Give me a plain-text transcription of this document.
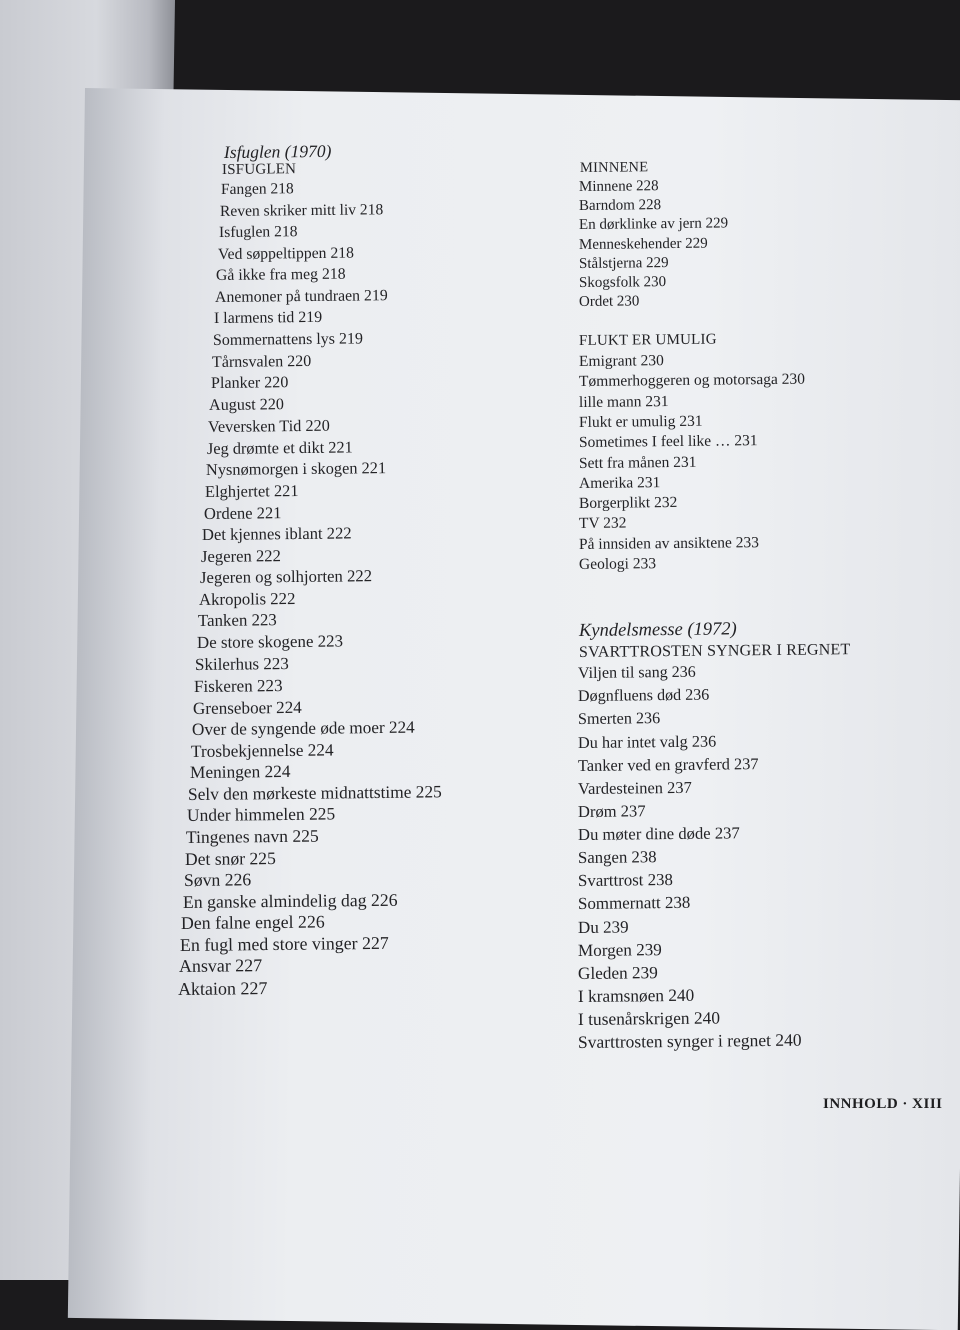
Isfuglen (1970)
ISFUGLEN
Fangen 218
Reven skriker mitt liv 218
Isfuglen 218
Ved søppeltippen 218
Gå ikke fra meg 218
Anemoner på tundraen 219
I larmens tid 219
Sommernattens lys 219
Tårnsvalen 220
Planker 220
August 220
Veversken Tid 220
Jeg drømte et dikt 221
Nysnømorgen i skogen 221
Elghjertet 221
Ordene 221
Det kjennes iblant 222
Jegeren 222
Jegeren og solhjorten 222
Akropolis 222
Tanken 223
De store skogene 223
Skilerhus 223
Fiskeren 223
Grenseboer 224
Over de syngende øde moer 224
Trosbekjennelse 224
Meningen 224
Selv den mørkeste midnattstime 225
Under himmelen 225
Tingenes navn 225
Det snør 225
Søvn 226
En ganske almindelig dag 226
Den falne engel 226
En fugl med store vinger 227
Ansvar 227
Aktaion 227
MINNENE
Minnene 228
Barndom 228
En dørklinke av jern 229
Menneskehender 229
Stålstjerna 229
Skogsfolk 230
Ordet 230
FLUKT ER UMULIG
Emigrant 230
Tømmerhoggeren og motorsaga 230
lille mann 231
Flukt er umulig 231
Sometimes I feel like … 231
Sett fra månen 231
Amerika 231
Borgerplikt 232
TV 232
På innsiden av ansiktene 233
Geologi 233
Kyndelsmesse (1972)
SVARTTROSTEN SYNGER I REGNET
Viljen til sang 236
Døgnfluens død 236
Smerten 236
Du har intet valg 236
Tanker ved en gravferd 237
Vardesteinen 237
Drøm 237
Du møter dine døde 237
Sangen 238
Svarttrost 238
Sommernatt 238
Du 239
Morgen 239
Gleden 239
I kramsnøen 240
I tusenårskrigen 240
Svarttrosten synger i regnet 240
INNHOLD · XIII
